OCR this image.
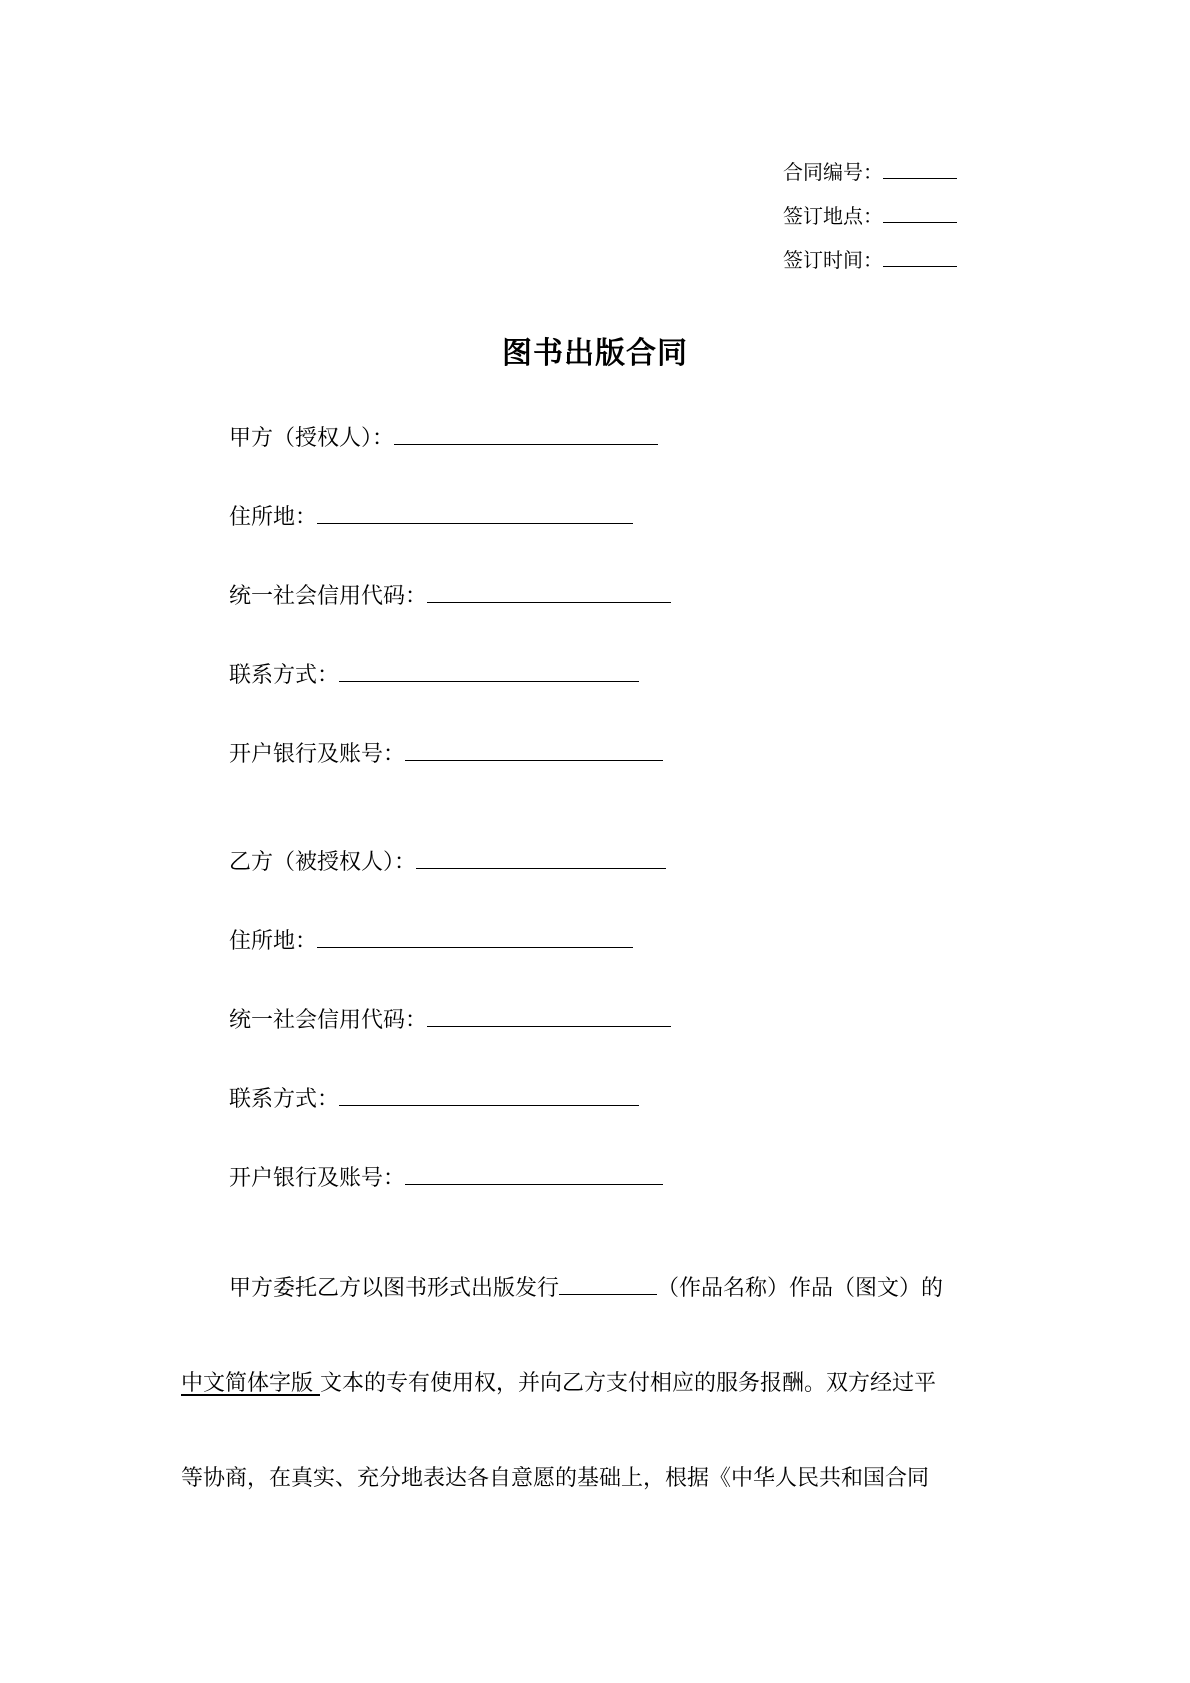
合同编号：
签订地点：
签订时间：
图书出版合同
甲方（授权人）：
住所地：
统一社会信用代码：
联系方式：
开户银行及账号：
乙方（被授权人）：
住所地：
统一社会信用代码：
联系方式：
开户银行及账号：
甲方委托乙方以图书形式出版发行	（作品名称）作品（图文）的
中文简体字版 文本的专有使用权，并向乙方支付相应的服务报酬。双方经过平
等协商，在真实、充分地表达各自意愿的基础上，根据《中华人民共和国合同
